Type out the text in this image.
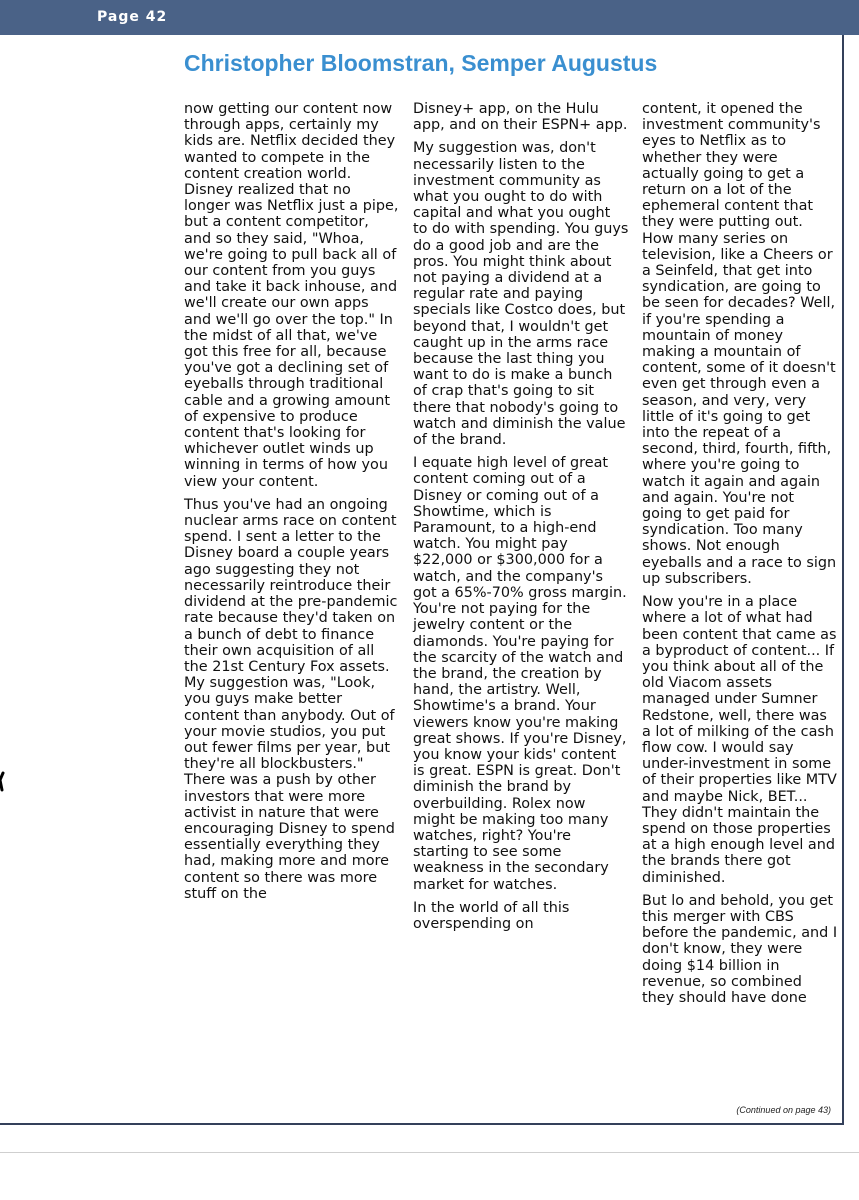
Page 42
Christopher Bloomstran, Semper Augustus

now getting our content now through apps, certainly my kids are. Netflix decided they wanted to compete in the content creation world. Disney realized that no longer was Netflix just a pipe, but a content competitor, and so they said, "Whoa, we're going to pull back all of our content from you guys and take it back inhouse, and we'll create our own apps and we'll go over the top." In the midst of all that, we've got this free for all, because you've got a declining set of eyeballs through traditional cable and a growing amount of expensive to produce content that's looking for whichever outlet winds up winning in terms of how you view your content.

Thus you've had an ongoing nuclear arms race on content spend. I sent a letter to the Disney board a couple years ago suggesting they not necessarily reintroduce their dividend at the pre-pandemic rate because they'd taken on a bunch of debt to finance their own acquisition of all the 21st Century Fox assets. My suggestion was, "Look, you guys make better content than anybody. Out of your movie studios, you put out fewer films per year, but they're all blockbusters." There was a push by other investors that were more activist in nature that were encouraging Disney to spend essentially everything they had, making more and more content so there was more stuff on the

Disney+ app, on the Hulu app, and on their ESPN+ app.

My suggestion was, don't necessarily listen to the investment community as what you ought to do with capital and what you ought to do with spending. You guys do a good job and are the pros. You might think about not paying a dividend at a regular rate and paying specials like Costco does, but beyond that, I wouldn't get caught up in the arms race because the last thing you want to do is make a bunch of crap that's going to sit there that nobody's going to watch and diminish the value of the brand.

I equate high level of great content coming out of a Disney or coming out of a Showtime, which is Paramount, to a high-end watch. You might pay $22,000 or $300,000 for a watch, and the company's got a 65%-70% gross margin. You're not paying for the jewelry content or the diamonds. You're paying for the scarcity of the watch and the brand, the creation by hand, the artistry. Well, Showtime's a brand. Your viewers know you're making great shows. If you're Disney, you know your kids' content is great. ESPN is great. Don't diminish the brand by overbuilding. Rolex now might be making too many watches, right? You're starting to see some weakness in the secondary market for watches.

In the world of all this overspending on

content, it opened the investment community's eyes to Netflix as to whether they were actually going to get a return on a lot of the ephemeral content that they were putting out. How many series on television, like a Cheers or a Seinfeld, that get into syndication, are going to be seen for decades? Well, if you're spending a mountain of money making a mountain of content, some of it doesn't even get through even a season, and very, very little of it's going to get into the repeat of a second, third, fourth, fifth, where you're going to watch it again and again and again. You're not going to get paid for syndication. Too many shows. Not enough eyeballs and a race to sign up subscribers.

Now you're in a place where a lot of what had been content that came as a byproduct of content... If you think about all of the old Viacom assets managed under Sumner Redstone, well, there was a lot of milking of the cash flow cow. I would say under-investment in some of their properties like MTV and maybe Nick, BET... They didn't maintain the spend on those properties at a high enough level and the brands there got diminished.

But lo and behold, you get this merger with CBS before the pandemic, and I don't know, they were doing $14 billion in revenue, so combined they should have done

(Continued on page 43)
